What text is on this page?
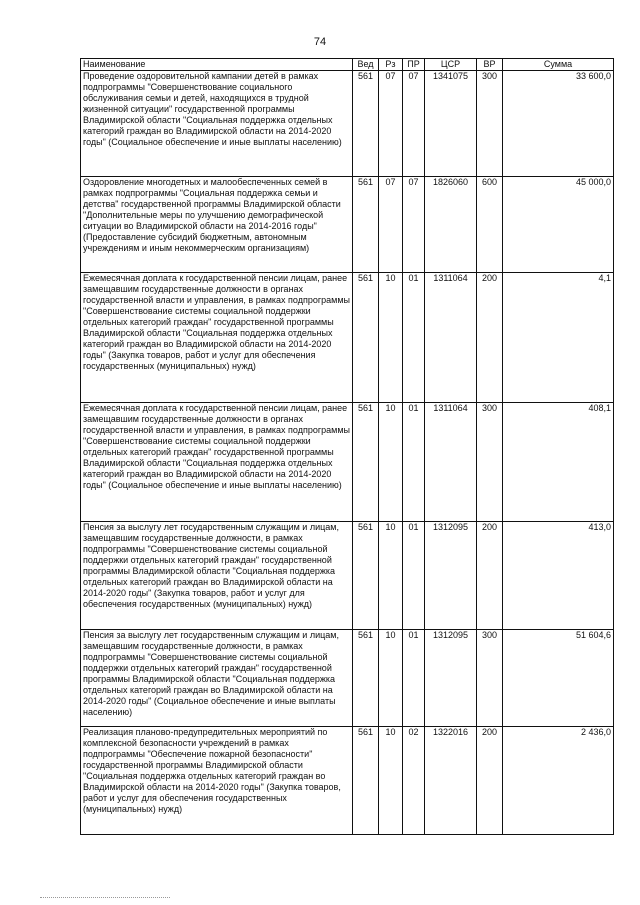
74
Наименование	Вед	Рз	ПР	ЦСР	ВР	Сумма
Проведение оздоровительной кампании детей в рамках подпрограммы "Совершенствование социального обслуживания семьи и детей, находящихся в трудной жизненной ситуации" государственной программы Владимирской области "Социальная поддержка отдельных категорий граждан во Владимирской области на 2014-2020 годы" (Социальное обеспечение и иные выплаты населению)	561	07	07	1341075	300	33 600,0
Оздоровление многодетных и малообеспеченных семей в рамках подпрограммы "Социальная поддержка семьи и детства" государственной программы Владимирской области "Дополнительные меры по улучшению демографической ситуации во Владимирской области на 2014-2016 годы" (Предоставление субсидий бюджетным, автономным учреждениям и иным некоммерческим организациям)	561	07	07	1826060	600	45 000,0
Ежемесячная доплата к государственной пенсии лицам, ранее замещавшим государственные должности в органах государственной власти и управления, в рамках подпрограммы "Совершенствование системы социальной поддержки отдельных категорий граждан" государственной программы Владимирской области "Социальная поддержка отдельных категорий граждан во Владимирской области на 2014-2020 годы" (Закупка товаров, работ и услуг для обеспечения государственных (муниципальных) нужд)	561	10	01	1311064	200	4,1
Ежемесячная доплата к государственной пенсии лицам, ранее замещавшим государственные должности в органах государственной власти и управления, в рамках подпрограммы "Совершенствование системы социальной поддержки отдельных категорий граждан" государственной программы Владимирской области "Социальная поддержка отдельных категорий граждан во Владимирской области на 2014-2020 годы" (Социальное обеспечение и иные выплаты населению)	561	10	01	1311064	300	408,1
Пенсия за выслугу лет государственным служащим и лицам, замещавшим государственные должности, в рамках подпрограммы "Совершенствование системы социальной поддержки отдельных категорий граждан" государственной программы Владимирской области "Социальная поддержка отдельных категорий граждан во Владимирской области на 2014-2020 годы" (Закупка товаров, работ и услуг для обеспечения государственных (муниципальных) нужд)	561	10	01	1312095	200	413,0
Пенсия за выслугу лет государственным служащим и лицам, замещавшим государственные должности, в рамках подпрограммы "Совершенствование системы социальной поддержки отдельных категорий граждан" государственной программы Владимирской области "Социальная поддержка отдельных категорий граждан во Владимирской области на 2014-2020 годы" (Социальное обеспечение и иные выплаты населению)	561	10	01	1312095	300	51 604,6
Реализация планово-предупредительных мероприятий по комплексной безопасности учреждений в рамках подпрограммы "Обеспечение пожарной безопасности" государственной программы Владимирской области "Социальная поддержка отдельных категорий граждан во Владимирской области на 2014-2020 годы" (Закупка товаров, работ и услуг для обеспечения государственных (муниципальных) нужд)	561	10	02	1322016	200	2 436,0
